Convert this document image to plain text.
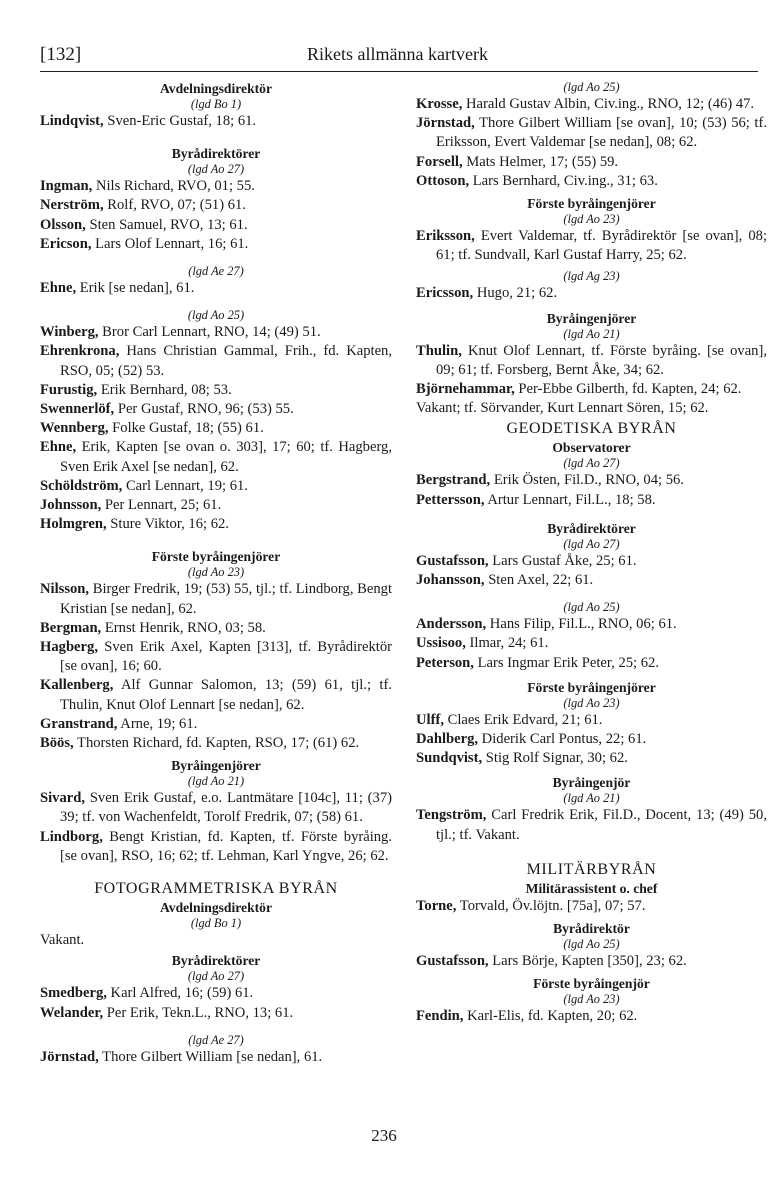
[132]	Rikets allmänna kartverk

Avdelningsdirektör

(lgd Bo 1)

Lindqvist, Sven-Eric Gustaf, 18; 61.

Byrådirektörer

(lgd Ao 27)

Ingman, Nils Richard, RVO, 01; 55.

Nerström, Rolf, RVO, 07; (51) 61.

Olsson, Sten Samuel, RVO, 13; 61.

Ericson, Lars Olof Lennart, 16; 61.

(lgd Ae 27)

Ehne, Erik [se nedan], 61.

(lgd Ao 25)

Winberg, Bror Carl Lennart, RNO, 14; (49) 51.

Ehrenkrona, Hans Christian Gammal, Frih., fd. Kapten, RSO, 05; (52) 53.

Furustig, Erik Bernhard, 08; 53.

Swennerlöf, Per Gustaf, RNO, 96; (53) 55.

Wennberg, Folke Gustaf, 18; (55) 61.

Ehne, Erik, Kapten [se ovan o. 303], 17; 60; tf. Hagberg, Sven Erik Axel [se nedan], 62.

Schöldström, Carl Lennart, 19; 61.

Johnsson, Per Lennart, 25; 61.

Holmgren, Sture Viktor, 16; 62.

Förste byråingenjörer

(lgd Ao 23)

Nilsson, Birger Fredrik, 19; (53) 55, tjl.; tf. Lindborg, Bengt Kristian [se nedan], 62.

Bergman, Ernst Henrik, RNO, 03; 58.

Hagberg, Sven Erik Axel, Kapten [313], tf. Byrådirektör [se ovan], 16; 60.

Kallenberg, Alf Gunnar Salomon, 13; (59) 61, tjl.; tf. Thulin, Knut Olof Lennart [se nedan], 62.

Granstrand, Arne, 19; 61.

Böös, Thorsten Richard, fd. Kapten, RSO, 17; (61) 62.

Byråingenjörer

(lgd Ao 21)

Sivard, Sven Erik Gustaf, e.o. Lantmätare [104c], 11; (37) 39; tf. von Wachenfeldt, Torolf Fredrik, 07; (58) 61.

Lindborg, Bengt Kristian, fd. Kapten, tf. Förste byråing. [se ovan], RSO, 16; 62; tf. Lehman, Karl Yngve, 26; 62.

FOTOGRAMMETRISKA BYRÅN

Avdelningsdirektör

(lgd Bo 1)

Vakant.

Byrådirektörer

(lgd Ao 27)

Smedberg, Karl Alfred, 16; (59) 61.

Welander, Per Erik, Tekn.L., RNO, 13; 61.

(lgd Ae 27)

Jörnstad, Thore Gilbert William [se nedan], 61.

(lgd Ao 25)

Krosse, Harald Gustav Albin, Civ.ing., RNO, 12; (46) 47.

Jörnstad, Thore Gilbert William [se ovan], 10; (53) 56; tf. Eriksson, Evert Valdemar [se nedan], 08; 62.

Forsell, Mats Helmer, 17; (55) 59.

Ottoson, Lars Bernhard, Civ.ing., 31; 63.

Förste byråingenjörer

(lgd Ao 23)

Eriksson, Evert Valdemar, tf. Byrådirektör [se ovan], 08; 61; tf. Sundvall, Karl Gustaf Harry, 25; 62.

(lgd Ag 23)

Ericsson, Hugo, 21; 62.

Byråingenjörer

(lgd Ao 21)

Thulin, Knut Olof Lennart, tf. Förste byråing. [se ovan], 09; 61; tf. Forsberg, Bernt Åke, 34; 62.

Björnehammar, Per-Ebbe Gilberth, fd. Kapten, 24; 62.

Vakant; tf. Sörvander, Kurt Lennart Sören, 15; 62.

GEODETISKA BYRÅN

Observatorer

(lgd Ao 27)

Bergstrand, Erik Östen, Fil.D., RNO, 04; 56.

Pettersson, Artur Lennart, Fil.L., 18; 58.

Byrådirektörer

(lgd Ao 27)

Gustafsson, Lars Gustaf Åke, 25; 61.

Johansson, Sten Axel, 22; 61.

(lgd Ao 25)

Andersson, Hans Filip, Fil.L., RNO, 06; 61.

Ussisoo, Ilmar, 24; 61.

Peterson, Lars Ingmar Erik Peter, 25; 62.

Förste byråingenjörer

(lgd Ao 23)

Ulff, Claes Erik Edvard, 21; 61.

Dahlberg, Diderik Carl Pontus, 22; 61.

Sundqvist, Stig Rolf Signar, 30; 62.

Byråingenjör

(lgd Ao 21)

Tengström, Carl Fredrik Erik, Fil.D., Docent, 13; (49) 50, tjl.; tf. Vakant.

MILITÄRBYRÅN

Militärassistent o. chef

Torne, Torvald, Öv.löjtn. [75a], 07; 57.

Byrådirektör

(lgd Ao 25)

Gustafsson, Lars Börje, Kapten [350], 23; 62.

Förste byråingenjör

(lgd Ao 23)

Fendin, Karl-Elis, fd. Kapten, 20; 62.

236
